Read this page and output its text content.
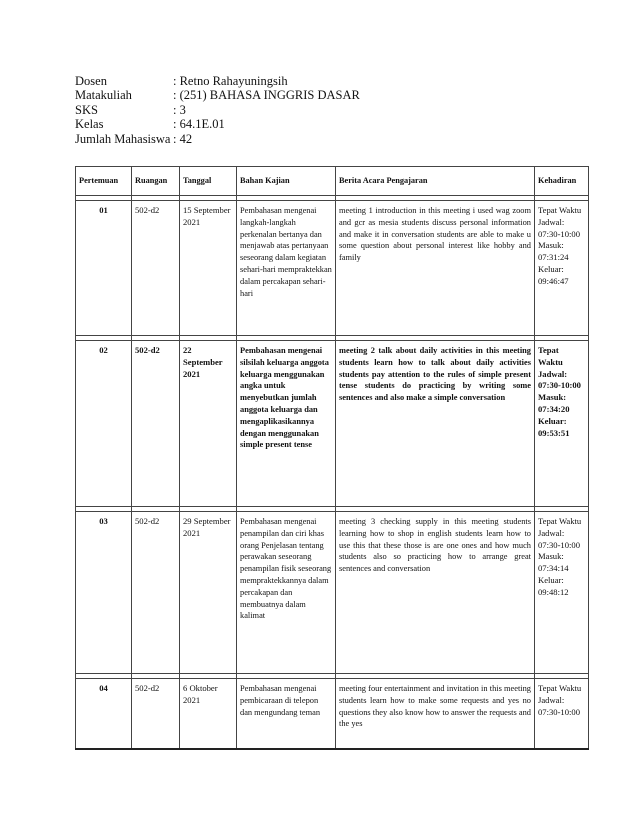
Dosen	: Retno Rahayuningsih
Matakuliah	: (251) BAHASA INGGRIS DASAR
SKS	: 3
Kelas	: 64.1E.01
Jumlah Mahasiswa : 42
Pertemuan	Ruangan	Tanggal	Bahan Kajian	Berita Acara Pengajaran	Kehadiran

01	502-d2	15 September 2021	Pembahasan mengenai langkah-langkah perkenalan bertanya dan menjawab atas pertanyaan seseorang dalam kegiatan sehari-hari mempraktekkan dalam percakapan sehari-hari	meeting 1 introduction in this meeting i used wag zoom and gcr as mesia students discuss personal information and make it in conversation students are able to make u some question about personal interest like hobby and family	Tepat Waktu Jadwal: 07:30-10:00 Masuk: 07:31:24 Keluar: 09:46:47

02	502-d2	22 September 2021	Pembahasan mengenai silsilah keluarga anggota keluarga menggunakan angka untuk menyebutkan jumlah anggota keluarga dan mengaplikasikannya dengan menggunakan simple present tense	meeting 2 talk about daily activities in this meeting students learn how to talk about daily activities students pay attention to the rules of simple present tense students do practicing by writing some sentences and also make a simple conversation	Tepat Waktu Jadwal: 07:30-10:00 Masuk: 07:34:20 Keluar: 09:53:51

03	502-d2	29 September 2021	Pembahasan mengenai penampilan dan ciri khas orang Penjelasan tentang perawakan seseorang penampilan fisik seseorang mempraktekkannya dalam percakapan dan membuatnya dalam kalimat	meeting 3 checking supply in this meeting students learning how to shop in english students learn how to use this that these those is are one ones and how much students also so practicing how to arrange great sentences and conversation	Tepat Waktu Jadwal: 07:30-10:00 Masuk: 07:34:14 Keluar: 09:48:12

04	502-d2	6 Oktober 2021	Pembahasan mengenai pembicaraan di telepon dan mengundang teman	meeting four entertainment and invitation in this meeting students learn how to make some requests and yes no questions they also know how to answer the requests and the yes	Tepat Waktu Jadwal: 07:30-10:00
